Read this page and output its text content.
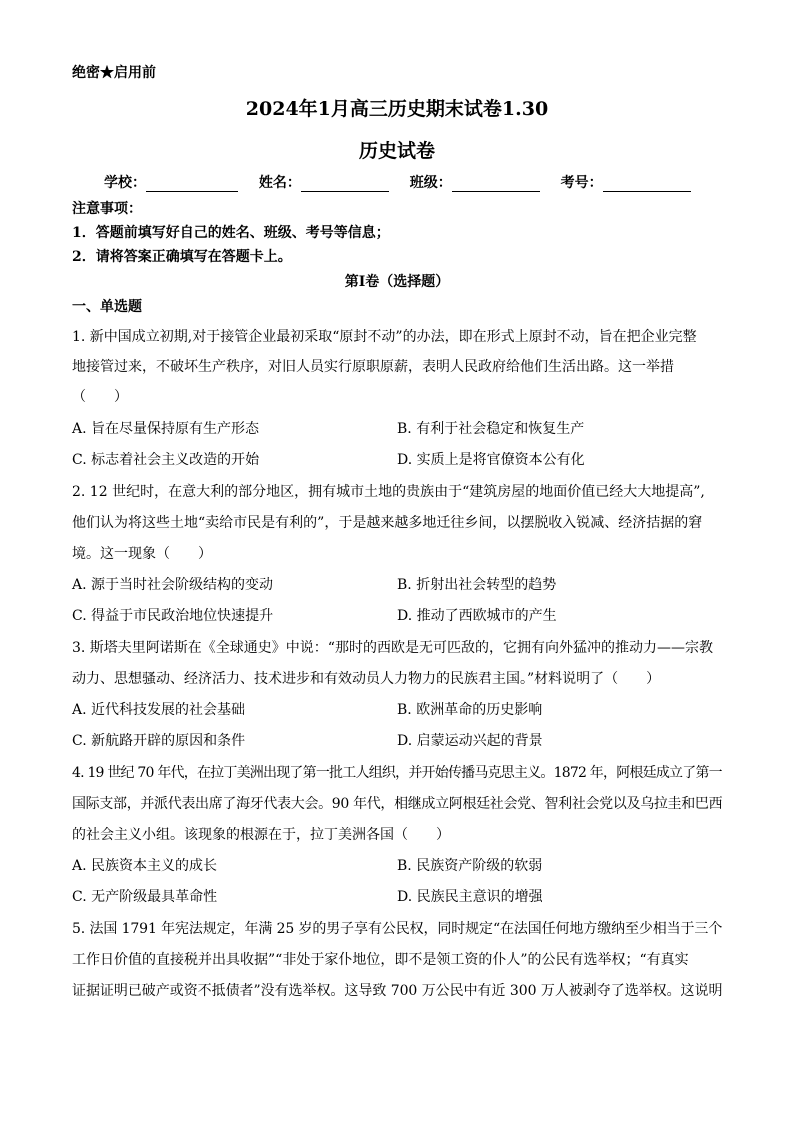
绝密★启用前
2024年1月高三历史期末试卷1.30
历史试卷
学校：	姓名：	班级：	考号：
注意事项：
1．答题前填写好自己的姓名、班级、考号等信息；
2．请将答案正确填写在答题卡上。
第Ⅰ卷（选择题）
一、单选题
1. 新中国成立初期,对于接管企业最初采取“原封不动”的办法，即在形式上原封不动，旨在把企业完整
地接管过来，不破坏生产秩序，对旧人员实行原职原薪，表明人民政府给他们生活出路。这一举措
（　　）
A. 旨在尽量保持原有生产形态	B. 有利于社会稳定和恢复生产
C. 标志着社会主义改造的开始	D. 实质上是将官僚资本公有化
2. 12 世纪时，在意大利的部分地区，拥有城市土地的贵族由于“建筑房屋的地面价值已经大大地提高”,
他们认为将这些土地“卖给市民是有利的”，于是越来越多地迁往乡间，以摆脱收入锐减、经济拮据的窘
境。这一现象（　　）
A. 源于当时社会阶级结构的变动	B. 折射出社会转型的趋势
C. 得益于市民政治地位快速提升	D. 推动了西欧城市的产生
3. 斯塔夫里阿诺斯在《全球通史》中说：“那时的西欧是无可匹敌的，它拥有向外猛冲的推动力——宗教
动力、思想骚动、经济活力、技术进步和有效动员人力物力的民族君主国。”材料说明了（　　）
A. 近代科技发展的社会基础	B. 欧洲革命的历史影响
C. 新航路开辟的原因和条件	D. 启蒙运动兴起的背景
4. 19 世纪 70 年代，在拉丁美洲出现了第一批工人组织，并开始传播马克思主义。1872 年，阿根廷成立了第一
国际支部，并派代表出席了海牙代表大会。90 年代，相继成立阿根廷社会党、智利社会党以及乌拉圭和巴西
的社会主义小组。该现象的根源在于，拉丁美洲各国（　　）
A. 民族资本主义的成长	B. 民族资产阶级的软弱
C. 无产阶级最具革命性	D. 民族民主意识的增强
5. 法国 1791 年宪法规定，年满 25 岁的男子享有公民权，同时规定“在法国任何地方缴纳至少相当于三个
工作日价值的直接税并出具收据”“非处于家仆地位，即不是领工资的仆人”的公民有选举权；“有真实
证据证明已破产或资不抵债者”没有选举权。这导致 700 万公民中有近 300 万人被剥夺了选举权。这说明
